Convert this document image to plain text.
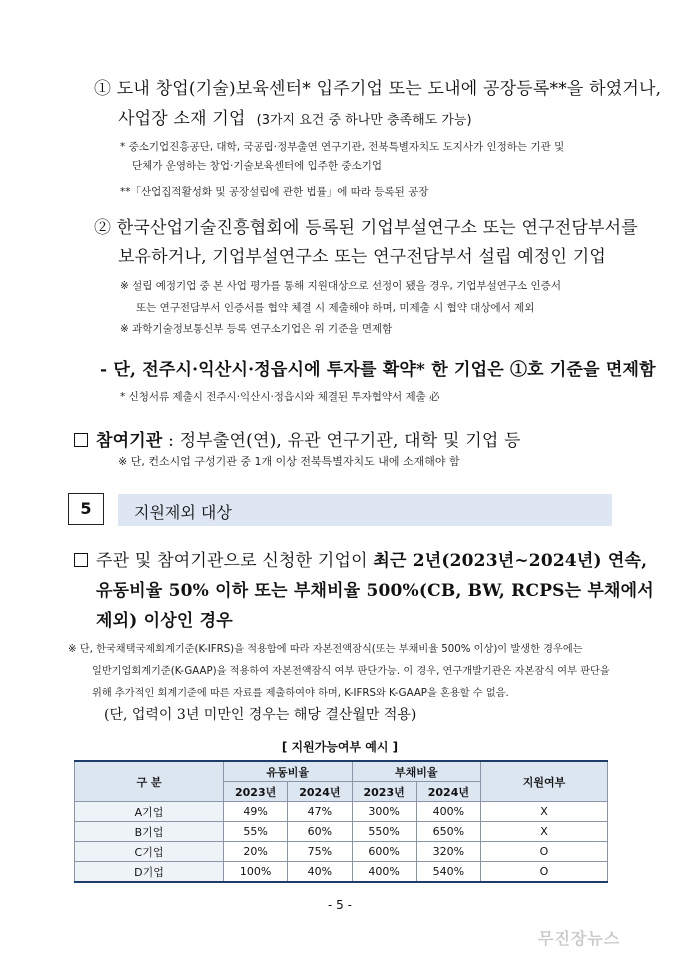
① 도내 창업(기술)보육센터* 입주기업 또는 도내에 공장등록**을 하였거나,
사업장 소재 기업 (3가지 요건 중 하나만 충족해도 가능)
* 중소기업진흥공단, 대학, 국공립·정부출연 연구기관, 전북특별자치도 도지사가 인정하는 기관 및
단체가 운영하는 창업·기술보육센터에 입주한 중소기업
**「산업집적활성화 및 공장설립에 관한 법률」에 따라 등록된 공장
② 한국산업기술진흥협회에 등록된 기업부설연구소 또는 연구전담부서를
보유하거나, 기업부설연구소 또는 연구전담부서 설립 예정인 기업
※ 설립 예정기업 중 본 사업 평가를 통해 지원대상으로 선정이 됐을 경우, 기업부설연구소 인증서
또는 연구전담부서 인증서를 협약 체결 시 제출해야 하며, 미제출 시 협약 대상에서 제외
※ 과학기술정보통신부 등록 연구소기업은 위 기준을 면제함
- 단, 전주시·익산시·정읍시에 투자를 확약* 한 기업은 ①호 기준을 면제함
* 신청서류 제출시 전주시·익산시·정읍시와 체결된 투자협약서 제출 必
참여기관 : 정부출연(연), 유관 연구기관, 대학 및 기업 등
※ 단, 컨소시업 구성기관 중 1개 이상 전북특별자치도 내에 소재해야 함
5	지원제외 대상
주관 및 참여기관으로 신청한 기업이 최근 2년(2023년~2024년) 연속,
유동비율 50% 이하 또는 부채비율 500%(CB, BW, RCPS는 부채에서
제외) 이상인 경우
※ 단, 한국채택국제회계기준(K-IFRS)을 적용함에 따라 자본전액잠식(또는 부채비율 500% 이상)이 발생한 경우에는
일반기업회계기준(K-GAAP)을 적용하여 자본전액잠식 여부 판단가능. 이 경우, 연구개발기관은 자본잠식 여부 판단을
위해 추가적인 회계기준에 따른 자료를 제출하여야 하며, K-IFRS와 K-GAAP을 혼용할 수 없음.
(단, 업력이 3년 미만인 경우는 해당 결산월만 적용)
[ 지원가능여부 예시 ]
구 분	유동비율		부채비율		지원여부
	2023년	2024년	2023년	2024년	
A기업	49%	47%	300%	400%	X
B기업	55%	60%	550%	650%	X
C기업	20%	75%	600%	320%	O
D기업	100%	40%	400%	540%	O
- 5 -
무진장뉴스
